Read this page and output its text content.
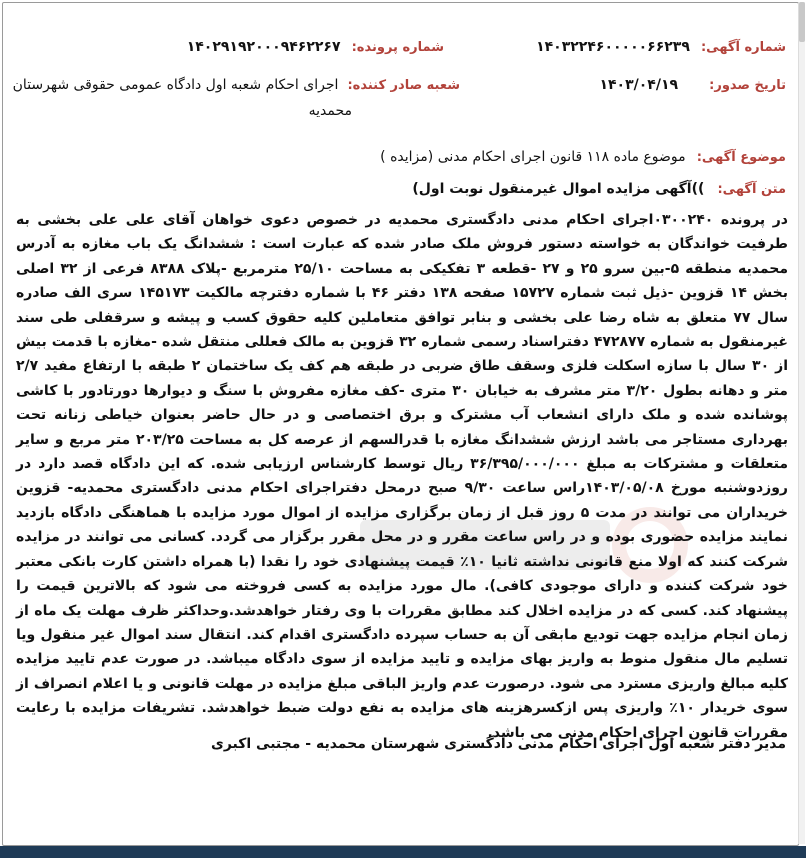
شماره آگهی: ۱۴۰۳۲۲۴۶۰۰۰۰۰۶۶۲۳۹
شماره پرونده: ۱۴۰۲۹۱۹۲۰۰۰۹۴۶۲۲۶۷
تاریخ صدور: ۱۴۰۳/۰۴/۱۹
شعبه صادر کننده: اجرای احکام شعبه اول دادگاه عمومی حقوقی شهرستان
محمدیه
موضوع آگهی: موضوع ماده ۱۱۸ قانون اجرای احکام مدنی (مزایده )
متن آگهی: ))آگهی مزایده اموال غیرمنقول نوبت اول)
در پرونده ۰۳۰۰۲۴۰اجرای احکام مدنی دادگستری محمدیه در خصوص دعوی خواهان آقای علی علی بخشی به طرفیت خواندگان به خواسته دستور فروش ملک صادر شده که عبارت است : ششدانگ یک باب مغازه به آدرس محمدیه منطقه ۵-بین سرو ۲۵ و ۲۷ -قطعه ۳ تفکیکی به مساحت ۲۵/۱۰ مترمربع -پلاک ۸۳۸۸ فرعی از ۳۲ اصلی بخش ۱۴ قزوین -ذیل ثبت شماره ۱۵۷۲۷ صفحه ۱۳۸ دفتر ۴۶ با شماره دفترچه مالکیت ۱۴۵۱۷۳ سری الف صادره سال ۷۷ متعلق به شاه رضا علی بخشی و بنابر توافق متعاملین کلیه حقوق کسب و پیشه و سرقفلی طی سند غیرمنقول به شماره ۴۷۲۸۷۷ دفتراسناد رسمی شماره ۳۲ قزوین به مالک فعللی منتقل شده -مغازه با قدمت بیش از ۳۰ سال با سازه اسکلت فلزی وسقف طاق ضربی در طبقه هم کف یک ساختمان ۲ طبقه با ارتفاع مفید ۲/۷ متر و دهانه بطول ۳/۲۰ متر مشرف به خیابان ۳۰ متری -کف مغازه مفروش با سنگ و دیوارها دورتادور با کاشی پوشانده شده و ملک دارای انشعاب آب مشترک و برق اختصاصی و در حال حاضر بعنوان خیاطی زنانه تحت بهرداری مستاجر می باشد ارزش ششدانگ مغازه با قدرالسهم از عرصه کل به مساحت ۲۰۳/۲۵ متر مربع و سایر متعلقات و مشترکات به مبلغ ۳۶/۳۹۵/۰۰۰/۰۰۰ ریال توسط کارشناس ارزیابی شده. که این دادگاه قصد دارد در روزدوشنبه مورخ ۱۴۰۳/۰۵/۰۸راس ساعت ۹/۳۰ صبح درمحل دفتراجرای احکام مدنی دادگستری محمدیه- قزوین خریداران می توانند در مدت ۵ روز قبل از زمان برگزاری مزایده از اموال مورد مزایده با هماهنگی دادگاه بازدید نمایند مزایده حضوری بوده و در راس ساعت مقرر و در محل مقرر برگزار می گردد. کسانی می توانند در مزایده شرکت کنند که اولا منع قانونی نداشته ثانیا ۱۰٪ قیمت پیشنهادی خود را نقدا (با همراه داشتن کارت بانکی معتبر خود شرکت کننده و دارای موجودی کافی). مال مورد مزایده به کسی فروخته می شود که بالاترین قیمت را پیشنهاد کند. کسی که در مزایده اخلال کند مطابق مقررات با وی رفتار خواهدشد.وحداکثر ظرف مهلت یک ماه از زمان انجام مزایده جهت تودیع مابقی آن به حساب سپرده دادگستری اقدام کند. انتقال سند اموال غیر منقول ویا تسلیم مال منقول منوط به واریز بهای مزایده و تایید مزایده از سوی دادگاه میباشد. در صورت عدم تایید مزایده کلیه مبالغ واریزی مسترد می شود. درصورت عدم واریز الباقی مبلغ مزایده در مهلت قانونی و یا اعلام انصراف از سوی خریدار ۱۰٪ واریزی پس ازکسرهزینه های مزایده به نفع دولت ضبط خواهدشد. تشریفات مزایده با رعایت مقررات قانون اجرای احکام مدنی می باشد.
مدیر دفتر شعبه اول اجرای احکام مدنی دادگستری شهرستان محمدیه - مجتبی اکبری
